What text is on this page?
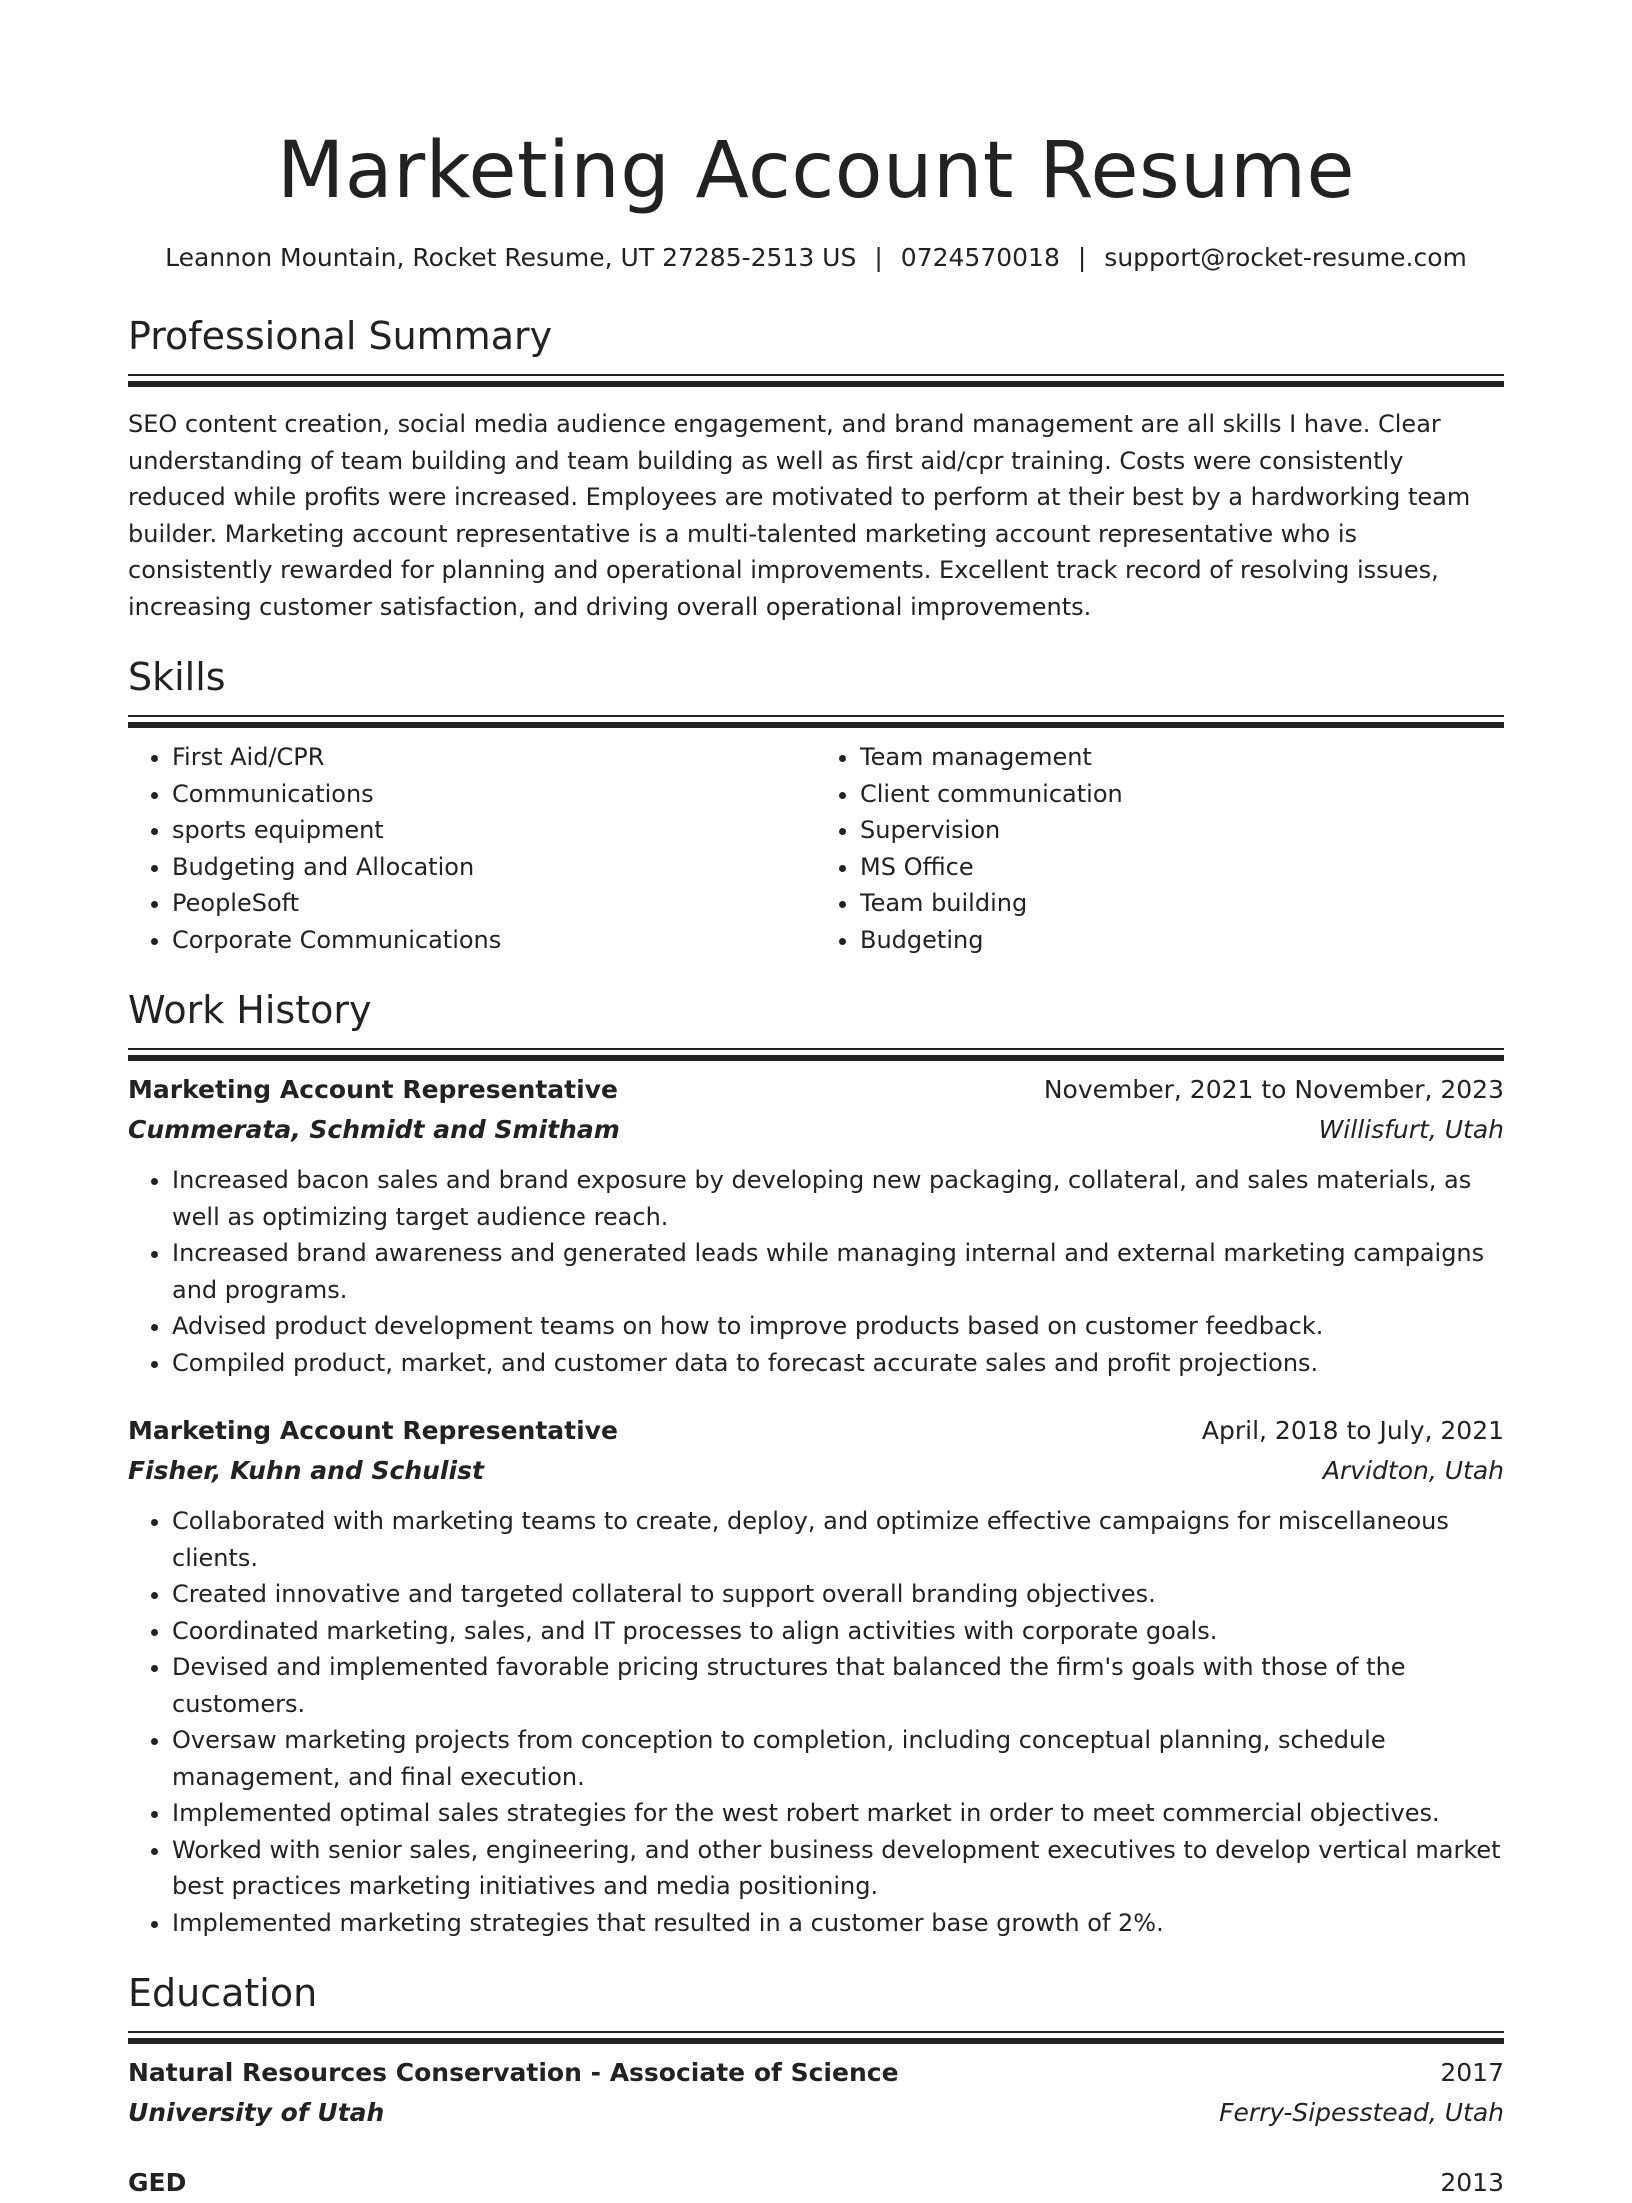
Marketing Account Resume
Leannon Mountain, Rocket Resume, UT 27285-2513 US | 0724570018 | support@rocket-resume.com
Professional Summary
SEO content creation, social media audience engagement, and brand management are all skills I have. Clear understanding of team building and team building as well as first aid/cpr training. Costs were consistently reduced while profits were increased. Employees are motivated to perform at their best by a hardworking team builder. Marketing account representative is a multi-talented marketing account representative who is consistently rewarded for planning and operational improvements. Excellent track record of resolving issues, increasing customer satisfaction, and driving overall operational improvements.
Skills
• First Aid/CPR
• Communications
• sports equipment
• Budgeting and Allocation
• PeopleSoft
• Corporate Communications
• Team management
• Client communication
• Supervision
• MS Office
• Team building
• Budgeting
Work History
Marketing Account Representative	November, 2021 to November, 2023
Cummerata, Schmidt and Smitham	Willisfurt, Utah
• Increased bacon sales and brand exposure by developing new packaging, collateral, and sales materials, as well as optimizing target audience reach.
• Increased brand awareness and generated leads while managing internal and external marketing campaigns and programs.
• Advised product development teams on how to improve products based on customer feedback.
• Compiled product, market, and customer data to forecast accurate sales and profit projections.
Marketing Account Representative	April, 2018 to July, 2021
Fisher, Kuhn and Schulist	Arvidton, Utah
• Collaborated with marketing teams to create, deploy, and optimize effective campaigns for miscellaneous clients.
• Created innovative and targeted collateral to support overall branding objectives.
• Coordinated marketing, sales, and IT processes to align activities with corporate goals.
• Devised and implemented favorable pricing structures that balanced the firm's goals with those of the customers.
• Oversaw marketing projects from conception to completion, including conceptual planning, schedule management, and final execution.
• Implemented optimal sales strategies for the west robert market in order to meet commercial objectives.
• Worked with senior sales, engineering, and other business development executives to develop vertical market best practices marketing initiatives and media positioning.
• Implemented marketing strategies that resulted in a customer base growth of 2%.
Education
Natural Resources Conservation - Associate of Science	2017
University of Utah	Ferry-Sipesstead, Utah
GED	2013
